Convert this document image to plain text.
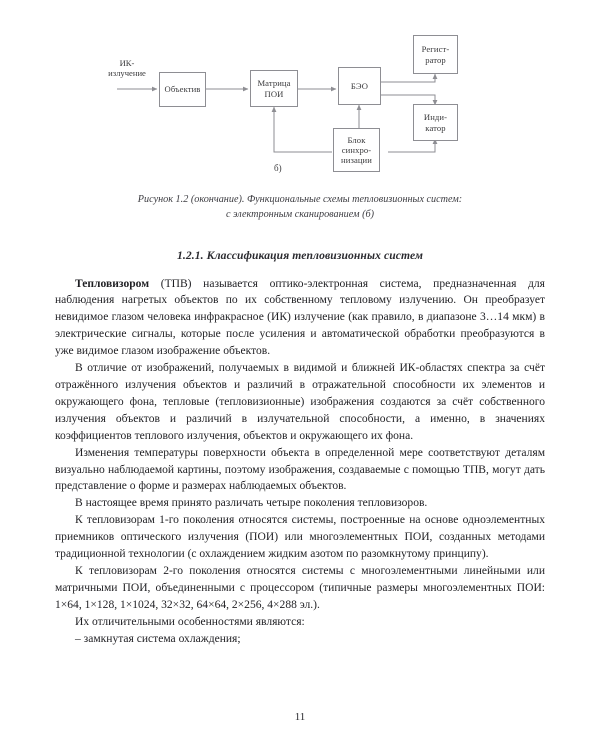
ИК-
излучение
Объектив
Матрица
ПОИ
БЭО
Регист-
ратор
Инди-
катор
Блок
синхро-
низации
б)
Рисунок 1.2 (окончание). Функциональные схемы тепловизионных систем:
с электронным сканированием (б)
1.2.1. Классификация тепловизионных систем

Тепловизором (ТПВ) называется оптико-электронная система, предназначенная для наблюдения нагретых объектов по их собственному тепловому излучению. Он преобразует невидимое глазом человека инфракрасное (ИК) излучение (как правило, в диапазоне 3…14 мкм) в электрические сигналы, которые после усиления и автоматической обработки преобразуются в уже видимое глазом изображение объектов.

В отличие от изображений, получаемых в видимой и ближней ИК-областях спектра за счёт отражённого излучения объектов и различий в отражательной способности их элементов и окружающего фона, тепловые (тепловизионные) изображения создаются за счёт собственного излучения объектов и различий в излучательной способности, а именно, в значениях коэффициентов теплового излучения, объектов и окружающего их фона.

Изменения температуры поверхности объекта в определенной мере соответствуют деталям визуально наблюдаемой картины, поэтому изображения, создаваемые с помощью ТПВ, могут дать представление о форме и размерах наблюдаемых объектов.

В настоящее время принято различать четыре поколения тепловизоров.

К тепловизорам 1-го поколения относятся системы, построенные на основе одноэлементных приемников оптического излучения (ПОИ) или многоэлементных ПОИ, созданных методами традиционной технологии (с охлаждением жидким азотом по разомкнутому принципу).

К тепловизорам 2-го поколения относятся системы с многоэлементными линейными или матричными ПОИ, объединенными с процессором (типичные размеры многоэлементных ПОИ: 1×64, 1×128, 1×1024, 32×32, 64×64, 2×256, 4×288 эл.).

Их отличительными особенностями являются:

– замкнутая система охлаждения;

11
